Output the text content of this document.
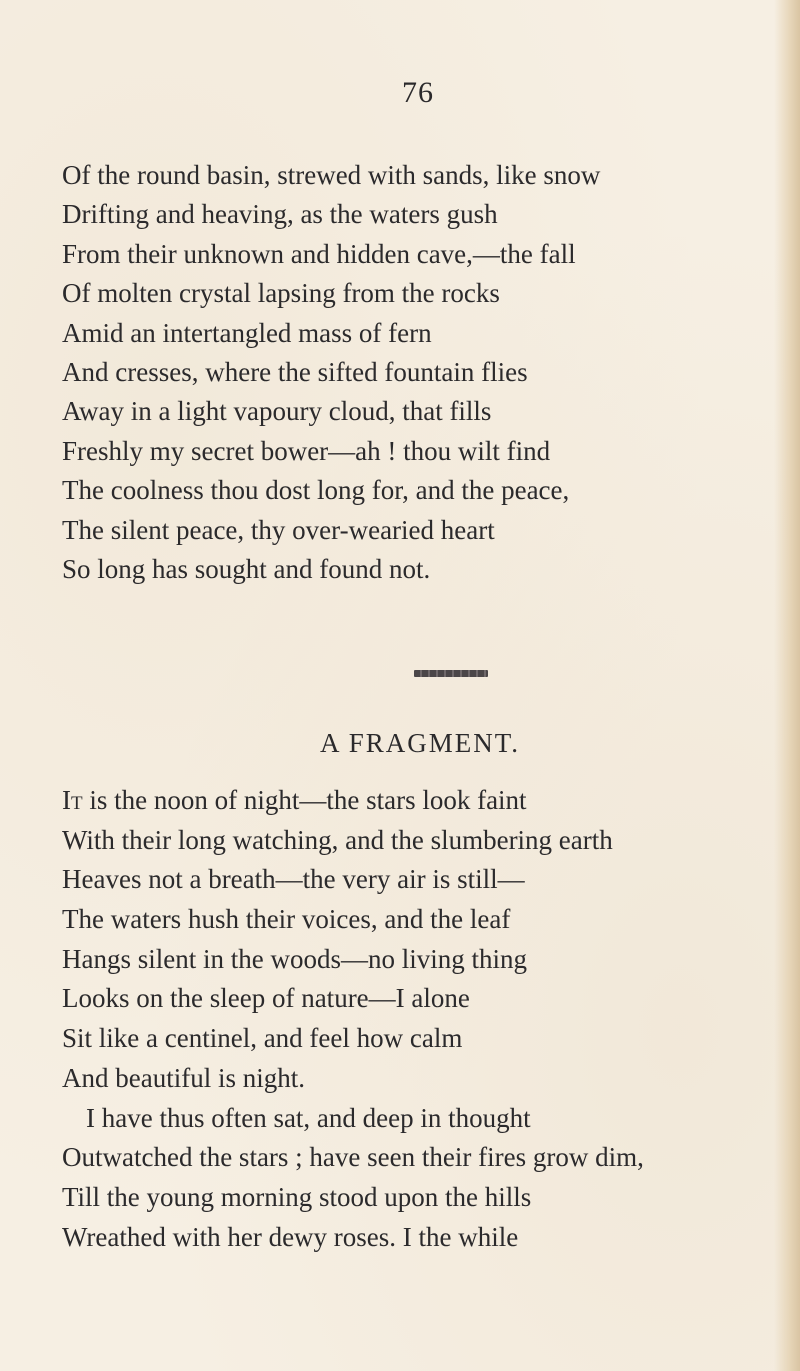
76
Of the round basin, strewed with sands, like snow
Drifting and heaving, as the waters gush
From their unknown and hidden cave,—the fall
Of molten crystal lapsing from the rocks
Amid an intertangled mass of fern
And cresses, where the sifted fountain flies
Away in a light vapoury cloud, that fills
Freshly my secret bower—ah ! thou wilt find
The coolness thou dost long for, and the peace,
The silent peace, thy over-wearied heart
So long has sought and found not.
A FRAGMENT.
It is the noon of night—the stars look faint
With their long watching, and the slumbering earth
Heaves not a breath—the very air is still—
The waters hush their voices, and the leaf
Hangs silent in the woods—no living thing
Looks on the sleep of nature—I alone
Sit like a centinel, and feel how calm
And beautiful is night.
I have thus often sat, and deep in thought
Outwatched the stars ; have seen their fires grow dim,
Till the young morning stood upon the hills
Wreathed with her dewy roses. I the while
